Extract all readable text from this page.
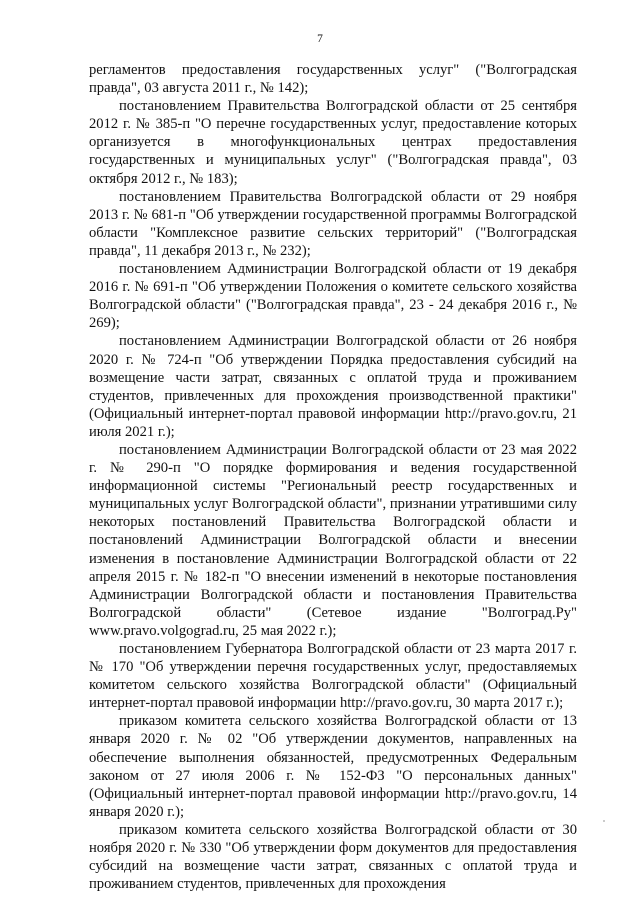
7

регламентов предоставления государственных услуг" ("Волгоградская правда", 03 августа 2011 г., № 142);

постановлением Правительства Волгоградской области от 25 сентября 2012 г. № 385-п "О перечне государственных услуг, предоставление которых организуется в многофункциональных центрах предоставления государственных и муниципальных услуг" ("Волгоградская правда", 03 октября 2012 г., № 183);

постановлением Правительства Волгоградской области от 29 ноября 2013 г. № 681-п "Об утверждении государственной программы Волгоградской области "Комплексное развитие сельских территорий" ("Волгоградская правда", 11 декабря 2013 г., № 232);

постановлением Администрации Волгоградской области от 19 декабря 2016 г. № 691-п "Об утверждении Положения о комитете сельского хозяйства Волгоградской области" ("Волгоградская правда", 23 - 24 декабря 2016 г., № 269);

постановлением Администрации Волгоградской области от 26 ноября 2020 г. № 724-п "Об утверждении Порядка предоставления субсидий на возмещение части затрат, связанных с оплатой труда и проживанием студентов, привлеченных для прохождения производственной практики" (Официальный интернет-портал правовой информации http://pravo.gov.ru, 21 июля 2021 г.);

постановлением Администрации Волгоградской области от 23 мая 2022 г. № 290-п "О порядке формирования и ведения государственной информационной системы "Региональный реестр государственных и муниципальных услуг Волгоградской области", признании утратившими силу некоторых постановлений Правительства Волгоградской области и постановлений Администрации Волгоградской области и внесении изменения в постановление Администрации Волгоградской области от 22 апреля 2015 г. № 182-п "О внесении изменений в некоторые постановления Администрации Волгоградской области и постановления Правительства Волгоградской области" (Сетевое издание "Волгоград.Ру" www.pravo.volgograd.ru, 25 мая 2022 г.);

постановлением Губернатора Волгоградской области от 23 марта 2017 г. № 170 "Об утверждении перечня государственных услуг, предоставляемых комитетом сельского хозяйства Волгоградской области" (Официальный интернет-портал правовой информации http://pravo.gov.ru, 30 марта 2017 г.);

приказом комитета сельского хозяйства Волгоградской области от 13 января 2020 г. № 02 "Об утверждении документов, направленных на обеспечение выполнения обязанностей, предусмотренных Федеральным законом от 27 июля 2006 г. № 152-ФЗ "О персональных данных" (Официальный интернет-портал правовой информации http://pravo.gov.ru, 14 января 2020 г.);

приказом комитета сельского хозяйства Волгоградской области от 30 ноября 2020 г. № 330 "Об утверждении форм документов для предоставления субсидий на возмещение части затрат, связанных с оплатой труда и проживанием студентов, привлеченных для прохождения
